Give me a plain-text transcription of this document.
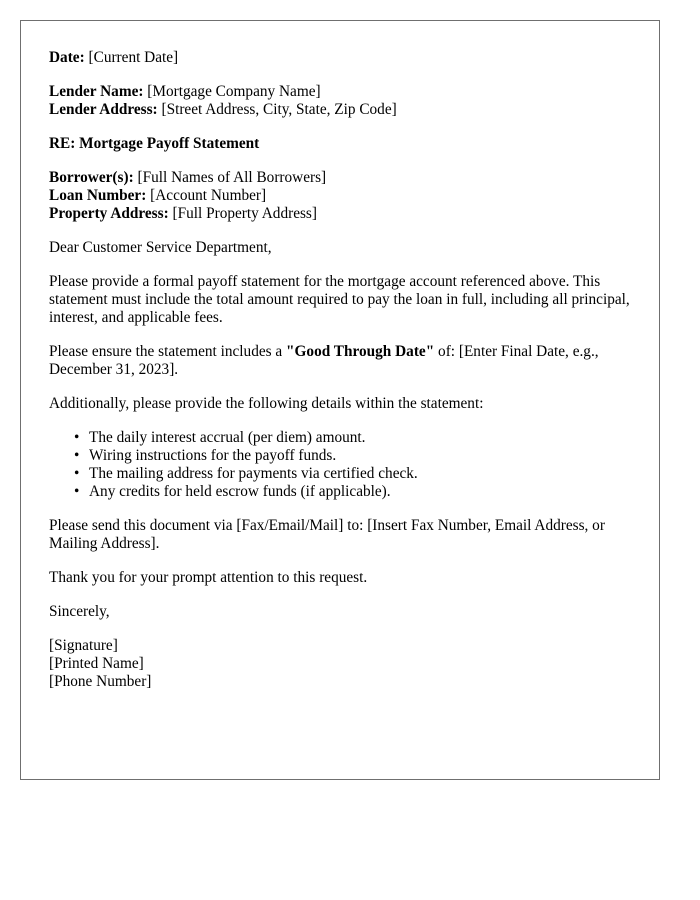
Date: [Current Date]
Lender Name: [Mortgage Company Name]
Lender Address: [Street Address, City, State, Zip Code]
RE: Mortgage Payoff Statement
Borrower(s): [Full Names of All Borrowers]
Loan Number: [Account Number]
Property Address: [Full Property Address]

Dear Customer Service Department,

Please provide a formal payoff statement for the mortgage account referenced above. This statement must include the total amount required to pay the loan in full, including all principal, interest, and applicable fees.

Please ensure the statement includes a "Good Through Date" of: [Enter Final Date, e.g., December 31, 2023].

Additionally, please provide the following details within the statement:

• The daily interest accrual (per diem) amount.
• Wiring instructions for the payoff funds.
• The mailing address for payments via certified check.
• Any credits for held escrow funds (if applicable).

Please send this document via [Fax/Email/Mail] to: [Insert Fax Number, Email Address, or Mailing Address].

Thank you for your prompt attention to this request.

Sincerely,

[Signature]
[Printed Name]
[Phone Number]
